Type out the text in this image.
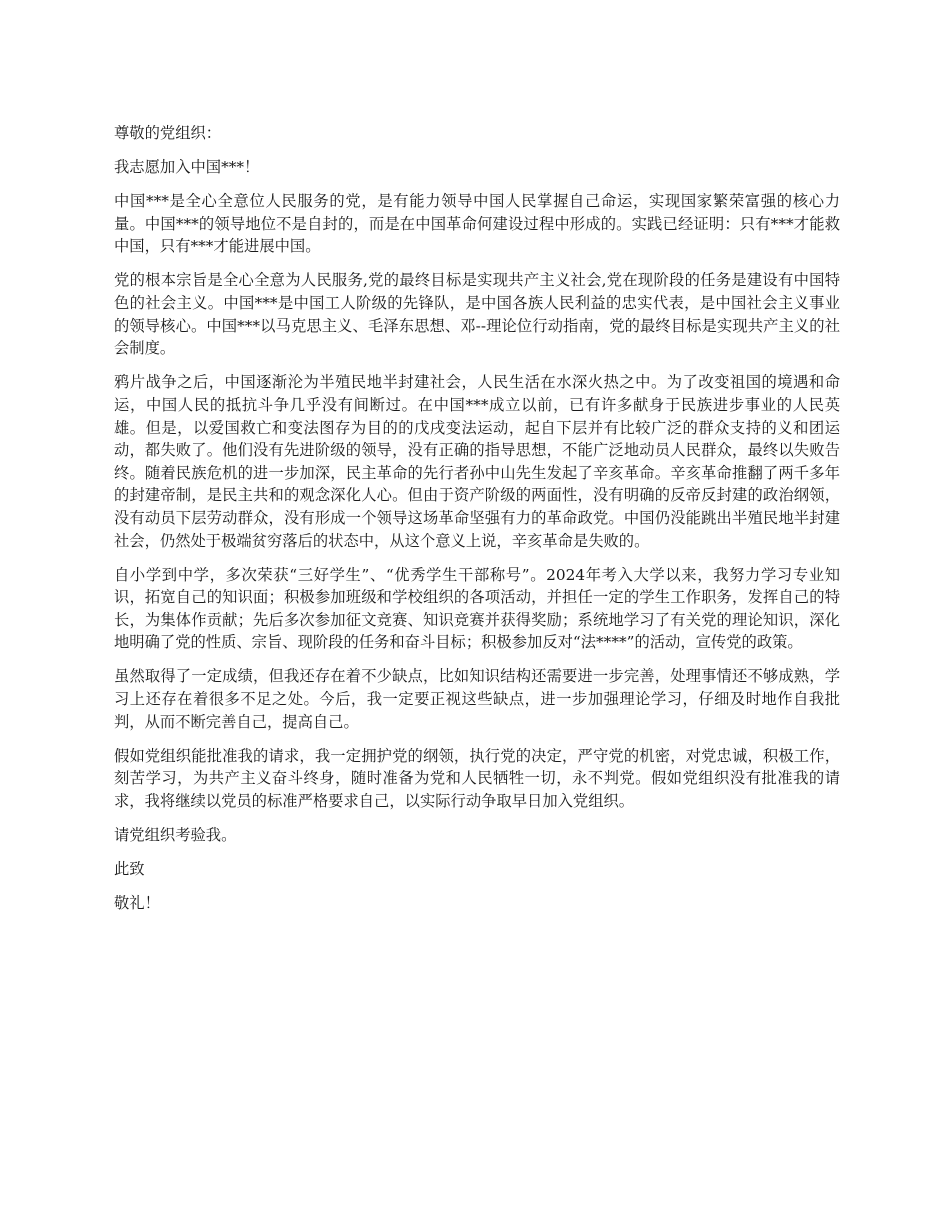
尊敬的党组织：

我志愿加入中国***！

中国***是全心全意位人民服务的党，是有能力领导中国人民掌握自己命运，实现国家繁荣富强的核心力量。中国***的领导地位不是自封的，而是在中国革命何建设过程中形成的。实践已经证明：只有***才能救中国，只有***才能进展中国。

党的根本宗旨是全心全意为人民服务,党的最终目标是实现共产主义社会,党在现阶段的任务是建设有中国特色的社会主义。中国***是中国工人阶级的先锋队，是中国各族人民利益的忠实代表，是中国社会主义事业的领导核心。中国***以马克思主义、毛泽东思想、邓--理论位行动指南，党的最终目标是实现共产主义的社会制度。

鸦片战争之后，中国逐渐沦为半殖民地半封建社会，人民生活在水深火热之中。为了改变祖国的境遇和命运，中国人民的抵抗斗争几乎没有间断过。在中国***成立以前，已有许多献身于民族进步事业的人民英雄。但是，以爱国救亡和变法图存为目的的戊戌变法运动，起自下层并有比较广泛的群众支持的义和团运动，都失败了。他们没有先进阶级的领导，没有正确的指导思想，不能广泛地动员人民群众，最终以失败告终。随着民族危机的进一步加深，民主革命的先行者孙中山先生发起了辛亥革命。辛亥革命推翻了两千多年的封建帝制，是民主共和的观念深化人心。但由于资产阶级的两面性，没有明确的反帝反封建的政治纲领，没有动员下层劳动群众，没有形成一个领导这场革命坚强有力的革命政党。中国仍没能跳出半殖民地半封建社会，仍然处于极端贫穷落后的状态中，从这个意义上说，辛亥革命是失败的。

自小学到中学，多次荣获“三好学生”、“优秀学生干部称号”。2024年考入大学以来，我努力学习专业知识，拓宽自己的知识面；积极参加班级和学校组织的各项活动，并担任一定的学生工作职务，发挥自己的特长，为集体作贡献；先后多次参加征文竞赛、知识竞赛并获得奖励；系统地学习了有关党的理论知识，深化地明确了党的性质、宗旨、现阶段的任务和奋斗目标；积极参加反对“法****”的活动，宣传党的政策。

虽然取得了一定成绩，但我还存在着不少缺点，比如知识结构还需要进一步完善，处理事情还不够成熟，学习上还存在着很多不足之处。今后，我一定要正视这些缺点，进一步加强理论学习，仔细及时地作自我批判，从而不断完善自己，提高自己。

假如党组织能批准我的请求，我一定拥护党的纲领，执行党的决定，严守党的机密，对党忠诚，积极工作，刻苦学习，为共产主义奋斗终身，随时准备为党和人民牺牲一切，永不判党。假如党组织没有批准我的请求，我将继续以党员的标准严格要求自己，以实际行动争取早日加入党组织。

请党组织考验我。

此致

敬礼！
